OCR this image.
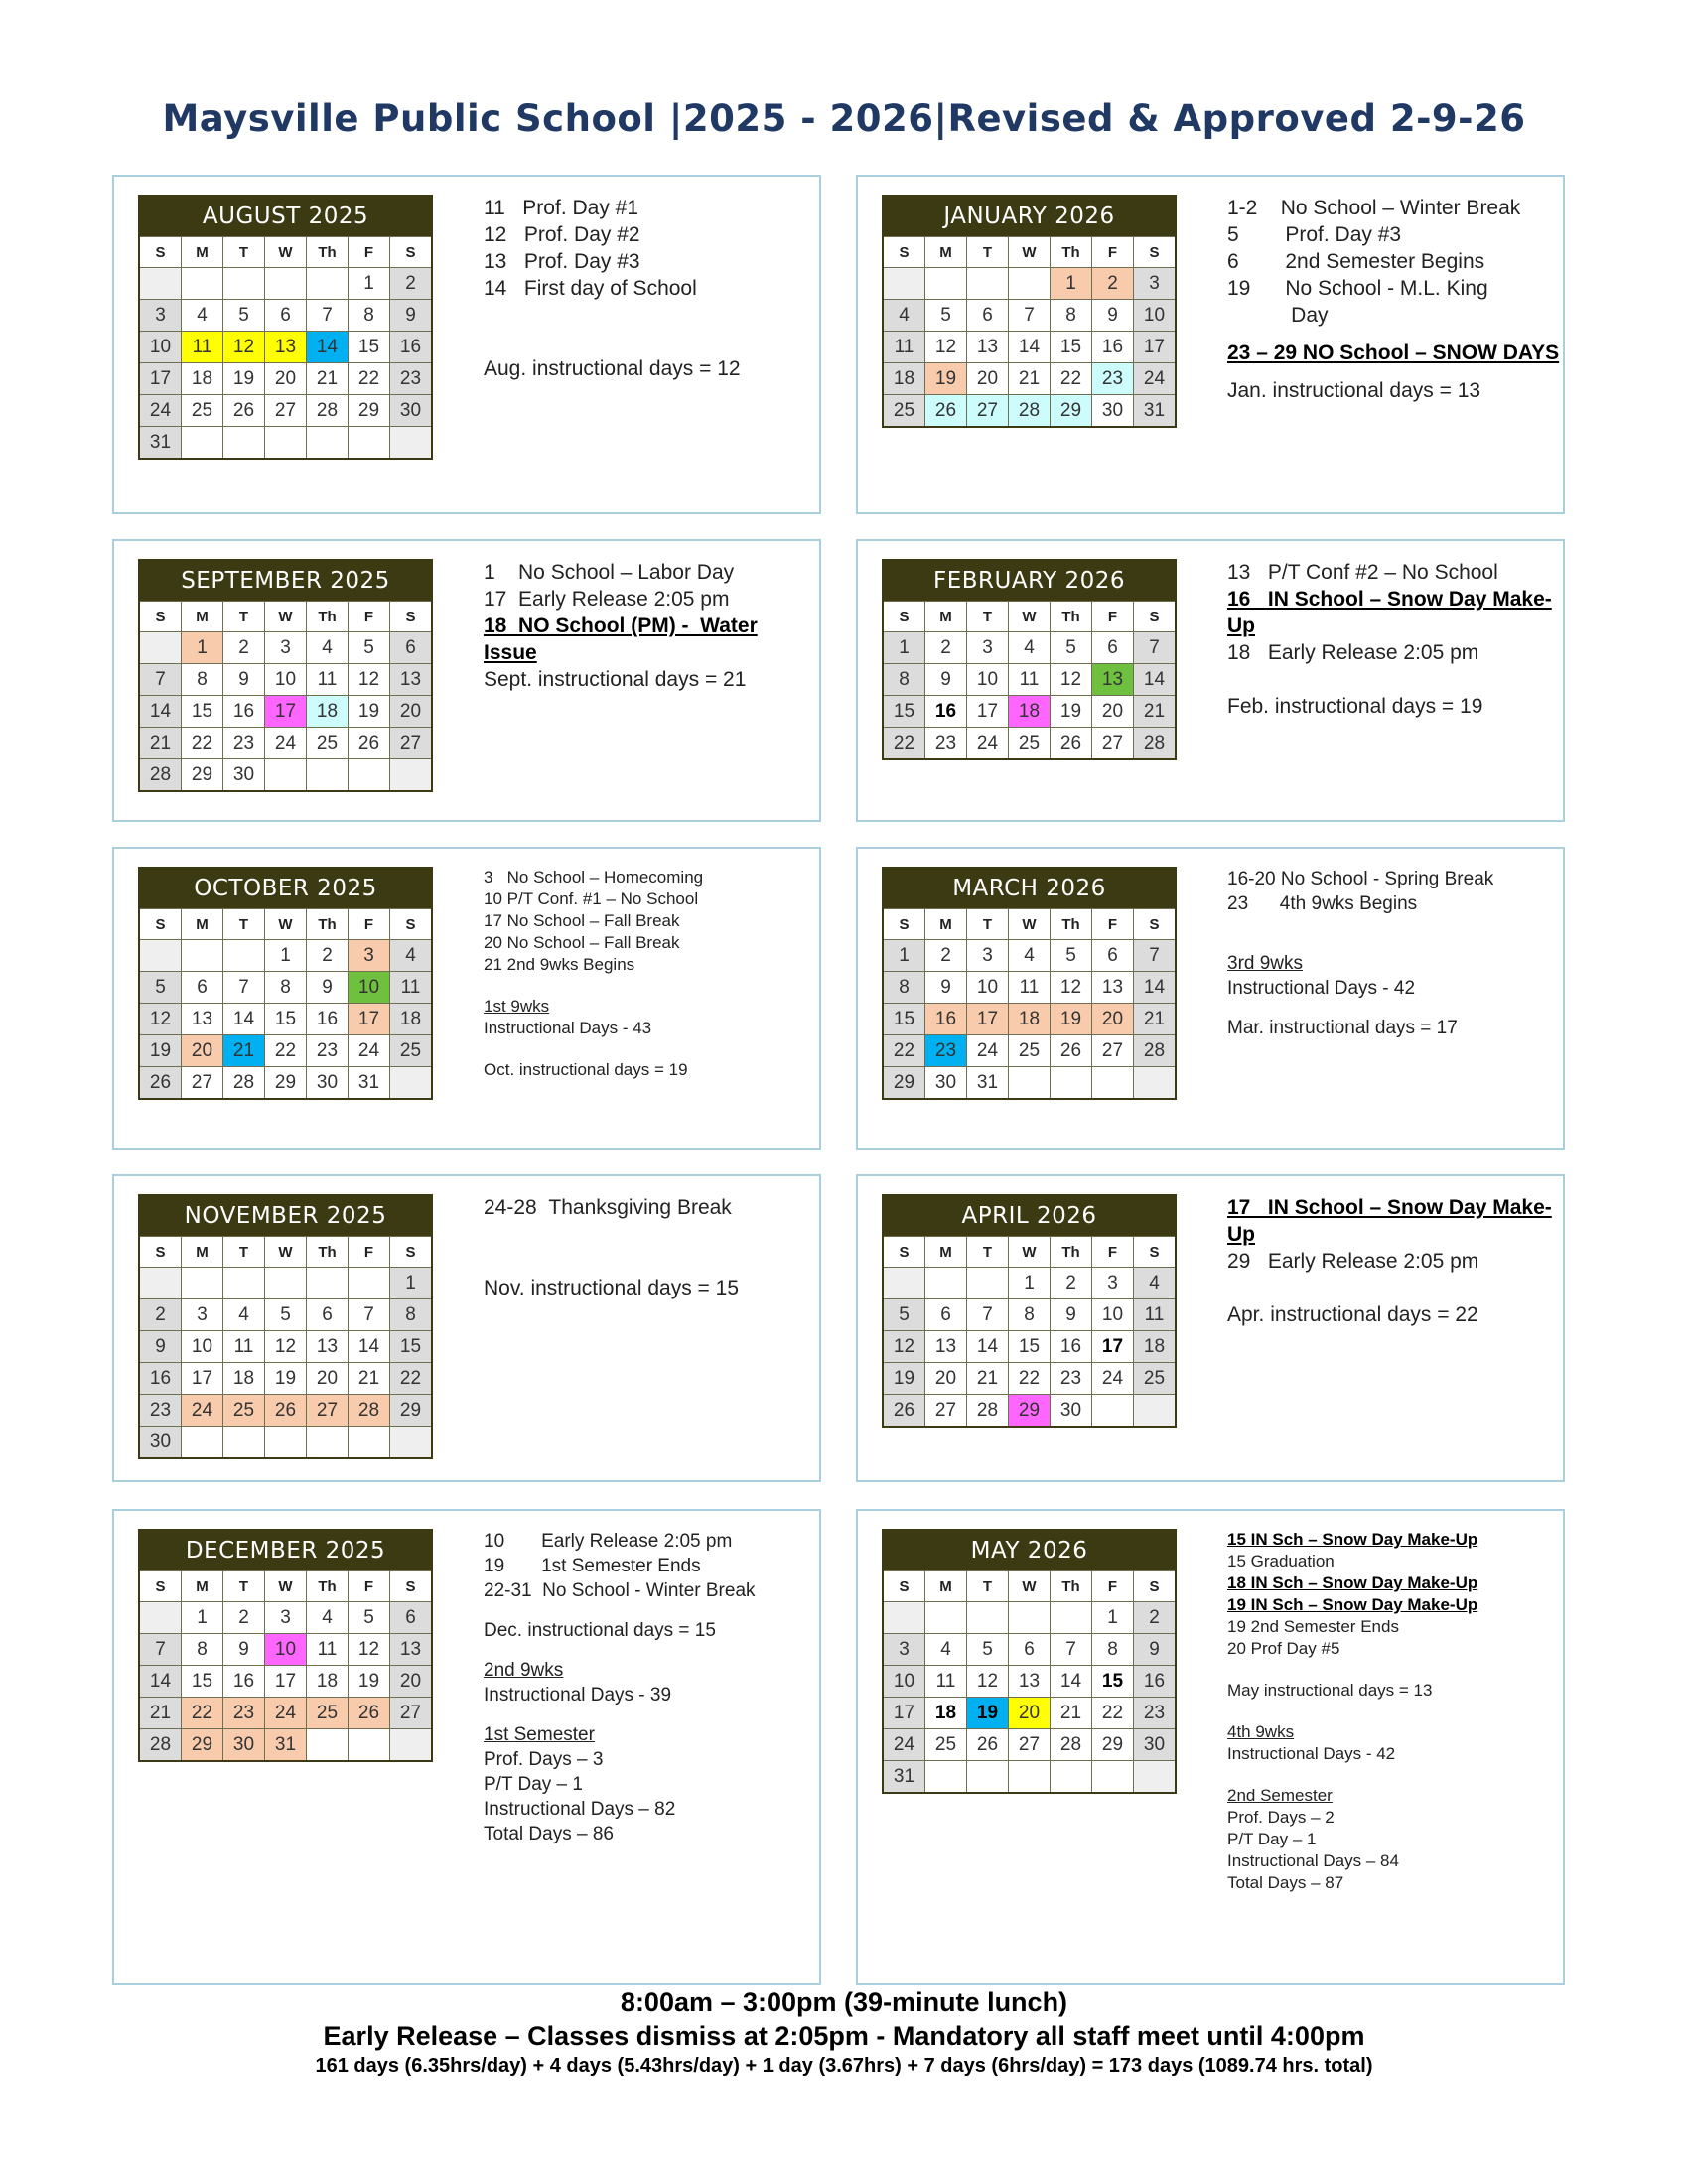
Maysville Public School |2025 - 2026|Revised & Approved 2-9-26
AUGUST 2025						
S	M	T	W	Th	F	S
					1	2
3	4	5	6	7	8	9
10	11	12	13	14	15	16
17	18	19	20	21	22	23
24	25	26	27	28	29	30
31						
11   Prof. Day #1
12   Prof. Day #2
13   Prof. Day #3
14   First day of School
Aug. instructional days = 12
JANUARY 2026						
S	M	T	W	Th	F	S
				1	2	3
4	5	6	7	8	9	10
11	12	13	14	15	16	17
18	19	20	21	22	23	24
25	26	27	28	29	30	31
1-2    No School – Winter Break
5        Prof. Day #3
6        2nd Semester Begins
19      No School - M.L. King
Day
23 – 29 NO School – SNOW DAYS
Jan. instructional days = 13
SEPTEMBER 2025						
S	M	T	W	Th	F	S
	1	2	3	4	5	6
7	8	9	10	11	12	13
14	15	16	17	18	19	20
21	22	23	24	25	26	27
28	29	30				
1    No School – Labor Day
17  Early Release 2:05 pm
18  NO School (PM) -  Water Issue
Sept. instructional days = 21
FEBRUARY 2026						
S	M	T	W	Th	F	S
1	2	3	4	5	6	7
8	9	10	11	12	13	14
15	16	17	18	19	20	21
22	23	24	25	26	27	28
13   P/T Conf #2 – No School
16   IN School – Snow Day Make-Up
18   Early Release 2:05 pm
Feb. instructional days = 19
OCTOBER 2025						
S	M	T	W	Th	F	S
			1	2	3	4
5	6	7	8	9	10	11
12	13	14	15	16	17	18
19	20	21	22	23	24	25
26	27	28	29	30	31	
3   No School – Homecoming
10 P/T Conf. #1 – No School
17 No School – Fall Break
20 No School – Fall Break
21 2nd 9wks Begins
1st 9wks
Instructional Days - 43
Oct. instructional days = 19
MARCH 2026						
S	M	T	W	Th	F	S
1	2	3	4	5	6	7
8	9	10	11	12	13	14
15	16	17	18	19	20	21
22	23	24	25	26	27	28
29	30	31				
16-20 No School - Spring Break
23      4th 9wks Begins
3rd 9wks
Instructional Days - 42
Mar. instructional days = 17
NOVEMBER 2025						
S	M	T	W	Th	F	S
						1
2	3	4	5	6	7	8
9	10	11	12	13	14	15
16	17	18	19	20	21	22
23	24	25	26	27	28	29
30						
24-28  Thanksgiving Break
Nov. instructional days = 15
APRIL 2026						
S	M	T	W	Th	F	S
			1	2	3	4
5	6	7	8	9	10	11
12	13	14	15	16	17	18
19	20	21	22	23	24	25
26	27	28	29	30		
17   IN School – Snow Day Make-Up
29   Early Release 2:05 pm
Apr. instructional days = 22
DECEMBER 2025						
S	M	T	W	Th	F	S
	1	2	3	4	5	6
7	8	9	10	11	12	13
14	15	16	17	18	19	20
21	22	23	24	25	26	27
28	29	30	31			
10       Early Release 2:05 pm
19       1st Semester Ends
22-31  No School - Winter Break
Dec. instructional days = 15
2nd 9wks
Instructional Days - 39
1st Semester
Prof. Days – 3
P/T Day – 1
Instructional Days – 82
Total Days – 86
MAY 2026						
S	M	T	W	Th	F	S
					1	2
3	4	5	6	7	8	9
10	11	12	13	14	15	16
17	18	19	20	21	22	23
24	25	26	27	28	29	30
31						
15 IN Sch – Snow Day Make-Up
15 Graduation
18 IN Sch – Snow Day Make-Up
19 IN Sch – Snow Day Make-Up
19 2nd Semester Ends
20 Prof Day #5
May instructional days = 13
4th 9wks
Instructional Days - 42
2nd Semester
Prof. Days – 2
P/T Day – 1
Instructional Days – 84
Total Days – 87
8:00am – 3:00pm (39-minute lunch)
Early Release – Classes dismiss at 2:05pm - Mandatory all staff meet until 4:00pm
161 days (6.35hrs/day) + 4 days (5.43hrs/day) + 1 day (3.67hrs) + 7 days (6hrs/day) = 173 days (1089.74 hrs. total)
